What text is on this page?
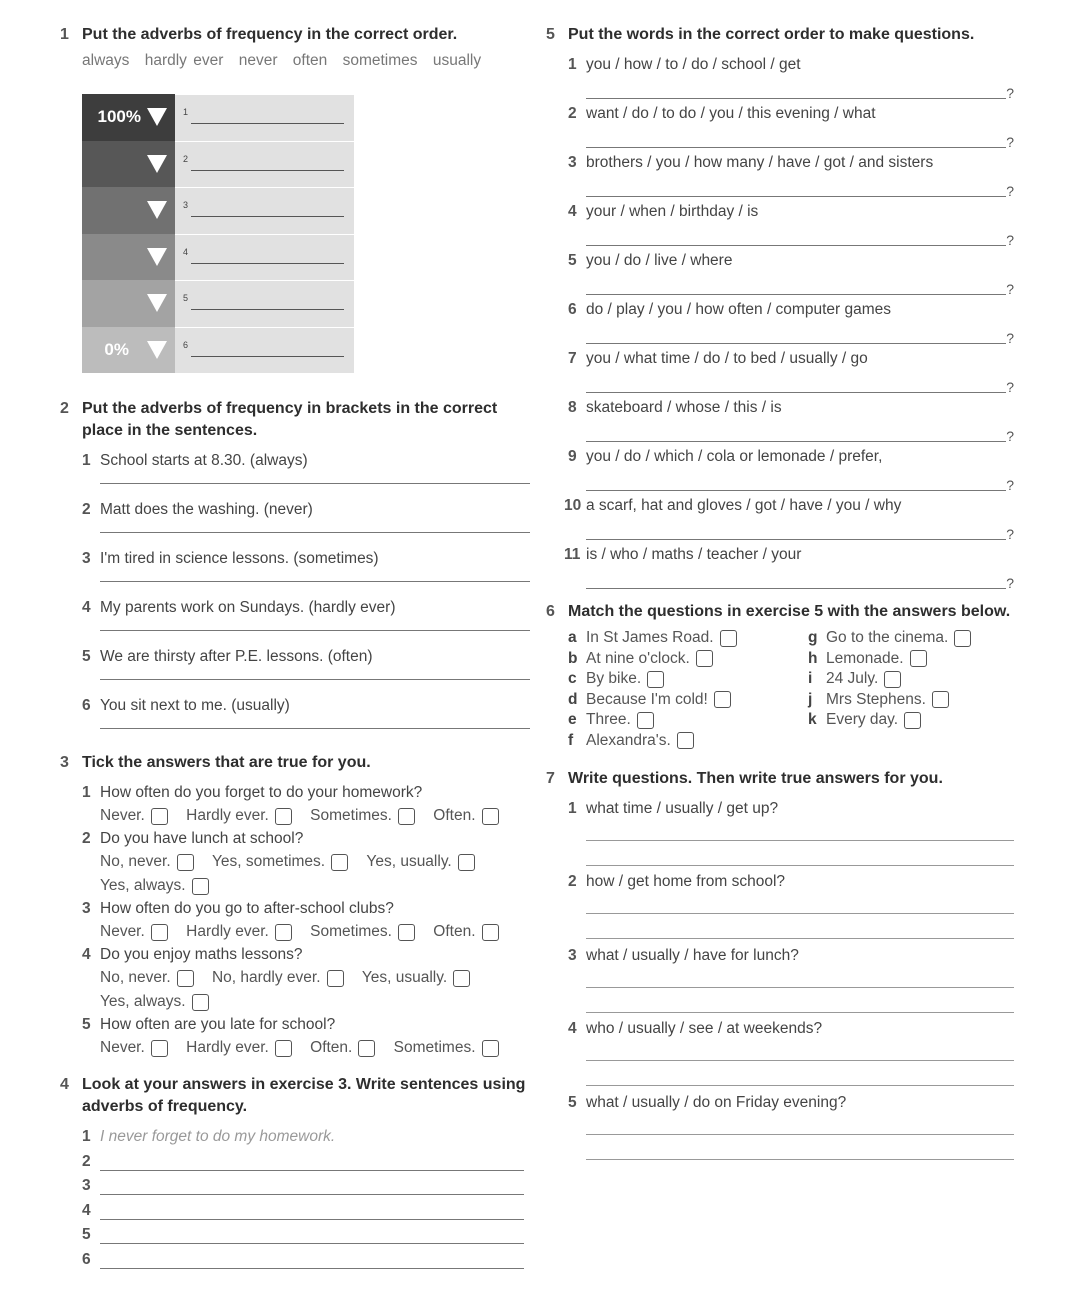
1 Put the adverbs of frequency in the correct order.
always hardly ever never often sometimes usually
100%	1
2
3
4
5
0%	6
2 Put the adverbs of frequency in brackets in the correct place in the sentences.
1 School starts at 8.30. (always)
2 Matt does the washing. (never)
3 I'm tired in science lessons. (sometimes)
4 My parents work on Sundays. (hardly ever)
5 We are thirsty after P.E. lessons. (often)
6 You sit next to me. (usually)
3 Tick the answers that are true for you.
1 How often do you forget to do your homework?
Never.
	Hardly ever.
	Sometimes.
	Often.
2 Do you have lunch at school?
No, never.
	Yes, sometimes.
	Yes, usually.

Yes, always.
3 How often do you go to after-school clubs?
Never.
	Hardly ever.
	Sometimes.
	Often.
4 Do you enjoy maths lessons?
No, never.
	No, hardly ever.
	Yes, usually.

Yes, always.
5 How often are you late for school?
Never.
	Hardly ever.
	Often.
	Sometimes.
4 Look at your answers in exercise 3. Write sentences using adverbs of frequency.
1 I never forget to do my homework.
2
3
4
5
6
5 Put the words in the correct order to make questions.
1 you / how / to / do / school / get
?
2 want / do / to do / you / this evening / what
?
3 brothers / you / how many / have / got / and sisters
?
4 your / when / birthday / is
?
5 you / do / live / where
?
6 do / play / you / how often / computer games
?
7 you / what time / do / to bed / usually / go
?
8 skateboard / whose / this / is
?
9 you / do / which / cola or lemonade / prefer,
?
10 a scarf, hat and gloves / got / have / you / why
?
11 is / who / maths / teacher / your
?
6 Match the questions in exercise 5 with the answers below.
a In St James Road.	g Go to the cinema.
b At nine o'clock.	h Lemonade.
c By bike.	i 24 July.
d Because I'm cold!	j Mrs Stephens.
e Three.	k Every day.
f Alexandra's.
7 Write questions. Then write true answers for you.
1 what time / usually / get up?
2 how / get home from school?
3 what / usually / have for lunch?
4 who / usually / see / at weekends?
5 what / usually / do on Friday evening?
